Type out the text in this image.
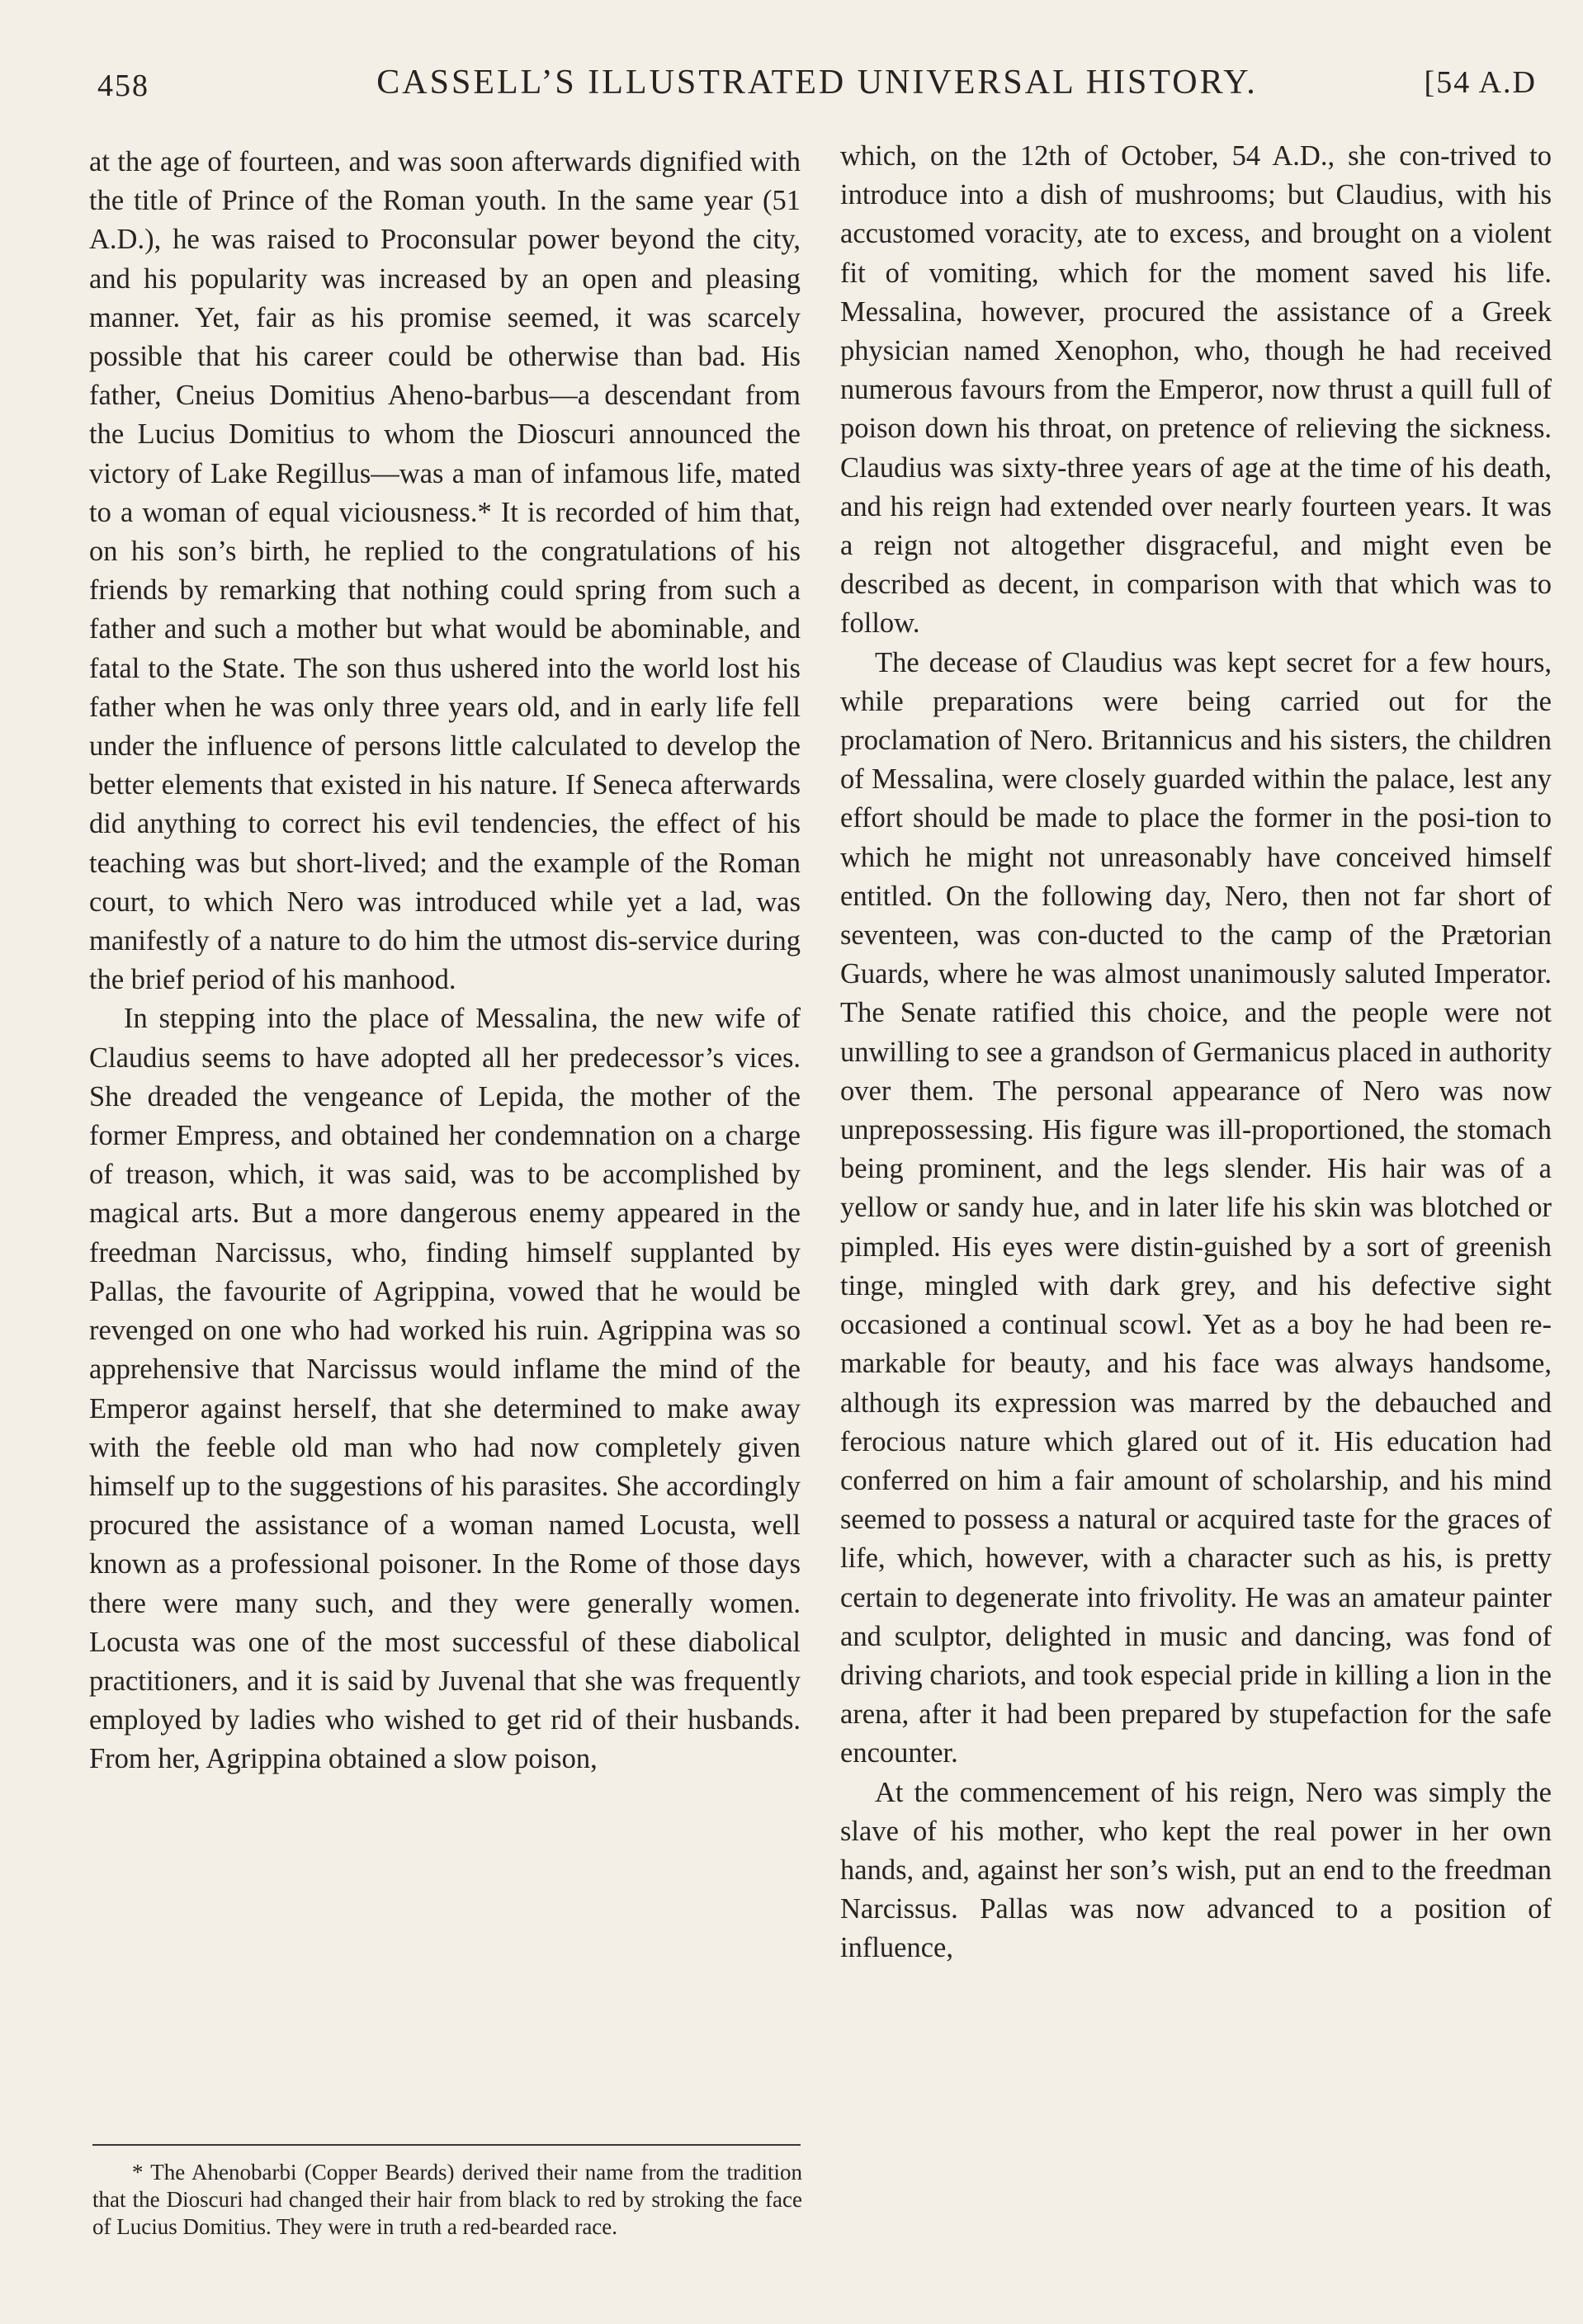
458	CASSELL’S ILLUSTRATED UNIVERSAL HISTORY.	[54 A.D

at the age of fourteen, and was soon afterwards dignified with the title of Prince of the Roman youth. In the same year (51 A.D.), he was raised to Proconsular power beyond the city, and his popularity was increased by an open and pleasing manner. Yet, fair as his promise seemed, it was scarcely possible that his career could be otherwise than bad. His father, Cneius Domitius Aheno-barbus—a descendant from the Lucius Domitius to whom the Dioscuri announced the victory of Lake Regillus—was a man of infamous life, mated to a woman of equal viciousness.* It is recorded of him that, on his son’s birth, he replied to the congratulations of his friends by remarking that nothing could spring from such a father and such a mother but what would be abominable, and fatal to the State. The son thus ushered into the world lost his father when he was only three years old, and in early life fell under the influence of persons little calculated to develop the better elements that existed in his nature. If Seneca afterwards did anything to correct his evil tendencies, the effect of his teaching was but short-lived; and the example of the Roman court, to which Nero was introduced while yet a lad, was manifestly of a nature to do him the utmost dis-service during the brief period of his manhood.

In stepping into the place of Messalina, the new wife of Claudius seems to have adopted all her predecessor’s vices. She dreaded the vengeance of Lepida, the mother of the former Empress, and obtained her condemnation on a charge of treason, which, it was said, was to be accomplished by magical arts. But a more dangerous enemy appeared in the freedman Narcissus, who, finding himself supplanted by Pallas, the favourite of Agrippina, vowed that he would be revenged on one who had worked his ruin. Agrippina was so apprehensive that Narcissus would inflame the mind of the Emperor against herself, that she determined to make away with the feeble old man who had now completely given himself up to the suggestions of his parasites. She accordingly procured the assistance of a woman named Locusta, well known as a professional poisoner. In the Rome of those days there were many such, and they were generally women. Locusta was one of the most successful of these diabolical practitioners, and it is said by Juvenal that she was frequently employed by ladies who wished to get rid of their husbands. From her, Agrippina obtained a slow poison,

which, on the 12th of October, 54 A.D., she con-trived to introduce into a dish of mushrooms; but Claudius, with his accustomed voracity, ate to excess, and brought on a violent fit of vomiting, which for the moment saved his life. Messalina, however, procured the assistance of a Greek physician named Xenophon, who, though he had received numerous favours from the Emperor, now thrust a quill full of poison down his throat, on pretence of relieving the sickness. Claudius was sixty-three years of age at the time of his death, and his reign had extended over nearly fourteen years. It was a reign not altogether disgraceful, and might even be described as decent, in comparison with that which was to follow.

The decease of Claudius was kept secret for a few hours, while preparations were being carried out for the proclamation of Nero. Britannicus and his sisters, the children of Messalina, were closely guarded within the palace, lest any effort should be made to place the former in the posi-tion to which he might not unreasonably have conceived himself entitled. On the following day, Nero, then not far short of seventeen, was con-ducted to the camp of the Prætorian Guards, where he was almost unanimously saluted Imperator. The Senate ratified this choice, and the people were not unwilling to see a grandson of Germanicus placed in authority over them. The personal appearance of Nero was now unprepossessing. His figure was ill-proportioned, the stomach being prominent, and the legs slender. His hair was of a yellow or sandy hue, and in later life his skin was blotched or pimpled. His eyes were distin-guished by a sort of greenish tinge, mingled with dark grey, and his defective sight occasioned a continual scowl. Yet as a boy he had been re-markable for beauty, and his face was always handsome, although its expression was marred by the debauched and ferocious nature which glared out of it. His education had conferred on him a fair amount of scholarship, and his mind seemed to possess a natural or acquired taste for the graces of life, which, however, with a character such as his, is pretty certain to degenerate into frivolity. He was an amateur painter and sculptor, delighted in music and dancing, was fond of driving chariots, and took especial pride in killing a lion in the arena, after it had been prepared by stupefaction for the safe encounter.

At the commencement of his reign, Nero was simply the slave of his mother, who kept the real power in her own hands, and, against her son’s wish, put an end to the freedman Narcissus. Pallas was now advanced to a position of influence,

* The Ahenobarbi (Copper Beards) derived their name from the tradition that the Dioscuri had changed their hair from black to red by stroking the face of Lucius Domitius. They were in truth a red-bearded race.
